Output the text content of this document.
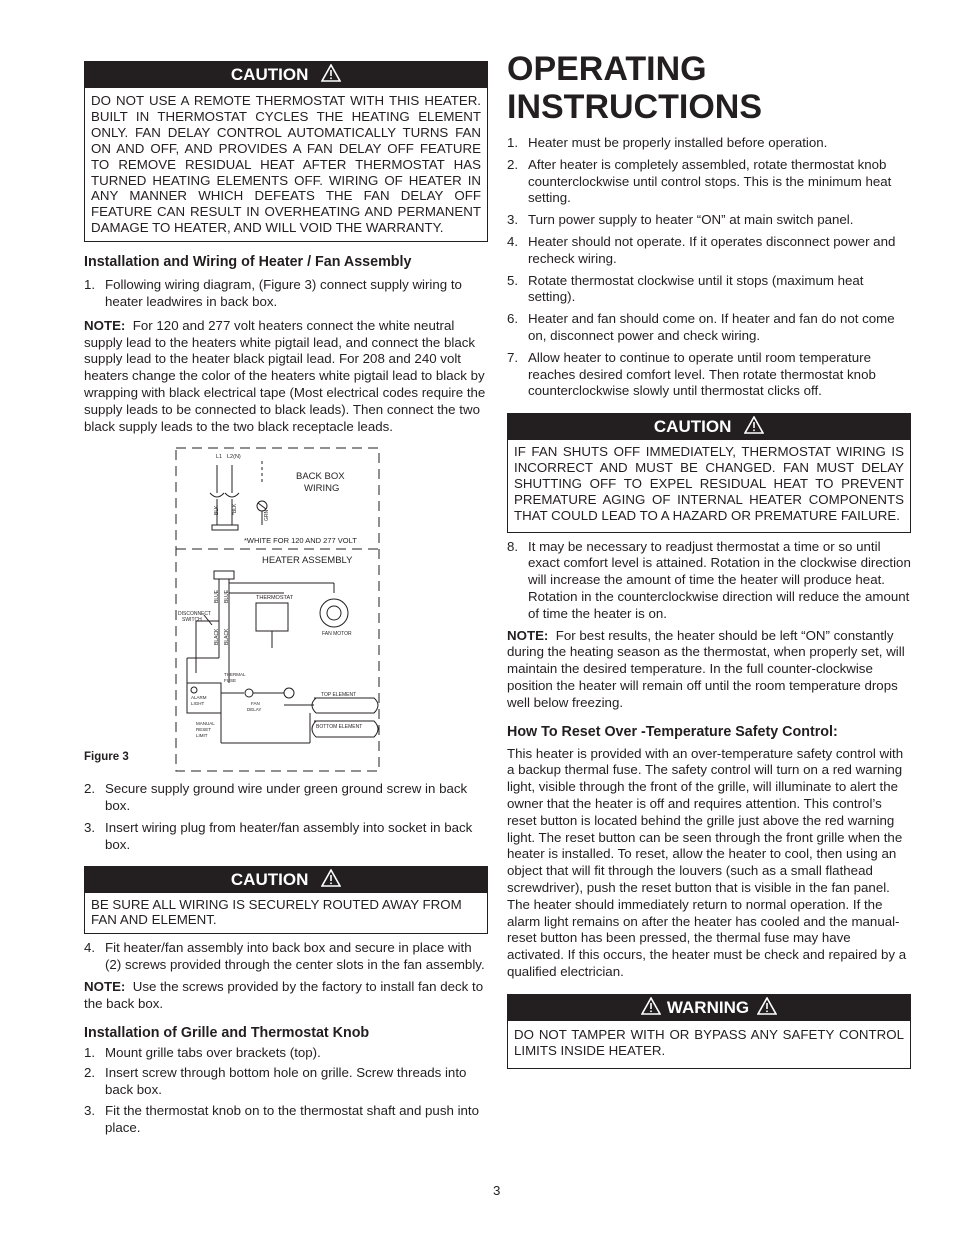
CAUTION
DO NOT USE A REMOTE THERMOSTAT WITH THIS HEATER. BUILT IN THERMOSTAT CYCLES THE HEATING ELEMENT ONLY. FAN DELAY CONTROL AUTOMATICALLY TURNS FAN ON AND OFF, AND PROVIDES A FAN DELAY OFF FEATURE TO REMOVE RESIDUAL HEAT AFTER THERMOSTAT HAS TURNED HEATING ELEMENTS OFF. WIRING OF HEATER IN ANY MANNER WHICH DEFEATS THE FAN DELAY OFF FEATURE CAN RESULT IN OVERHEATING AND PERMANENT DAMAGE TO HEATER, AND WILL VOID THE WARRANTY.
Installation and Wiring of Heater / Fan Assembly
1. Following wiring diagram, (Figure 3) connect supply wiring to heater leadwires in back box.

NOTE: For 120 and 277 volt heaters connect the white neutral supply lead to the heaters white pigtail lead, and connect the black supply lead to the heater black pigtail lead. For 208 and 240 volt heaters change the color of the heaters white pigtail lead to black by wrapping with black electrical tape (Most electrical codes require the supply leads to be connected to black leads). Then connect the two black supply leads to the two black receptacle leads.

Figure 3
L1 L2(N)
BACK BOX
WIRING
BLK *BLK
GRN
*WHITE FOR 120 AND 277 VOLT
HEATER ASSEMBLY
BLUE BLUE
BLACK BLACK
THERMOSTAT
DISCONNECT
SWITCH
FAN MOTOR
THERMAL
FUSE
ALARM
LIGHT	FAN
DELAY
TOP ELEMENT
BOTTOM ELEMENT
MANUAL
RESET
LIMIT
2. Secure supply ground wire under green ground screw in back box.
3. Insert wiring plug from heater/fan assembly into socket in back box.
CAUTION
BE SURE ALL WIRING IS SECURELY ROUTED AWAY FROM FAN AND ELEMENT.
4. Fit heater/fan assembly into back box and secure in place with (2) screws provided through the center slots in the fan assembly.

NOTE: Use the screws provided by the factory to install fan deck to the back box.

Installation of Grille and Thermostat Knob
1. Mount grille tabs over brackets (top).
2. Insert screw through bottom hole on grille. Screw threads into back box.
3. Fit the thermostat knob on to the thermostat shaft and push into place.
OPERATING
INSTRUCTIONS
1. Heater must be properly installed before operation.
2. After heater is completely assembled, rotate thermostat knob counterclockwise until control stops. This is the minimum heat setting.
3. Turn power supply to heater “ON” at main switch panel.
4. Heater should not operate. If it operates disconnect power and recheck wiring.
5. Rotate thermostat clockwise until it stops (maximum heat setting).
6. Heater and fan should come on. If heater and fan do not come on, disconnect power and check wiring.
7. Allow heater to continue to operate until room temperature reaches desired comfort level. Then rotate thermostat knob counterclockwise slowly until thermostat clicks off.
CAUTION
IF FAN SHUTS OFF IMMEDIATELY, THERMOSTAT WIRING IS INCORRECT AND MUST BE CHANGED. FAN MUST DELAY SHUTTING OFF TO EXPEL RESIDUAL HEAT TO PREVENT PREMATURE AGING OF INTERNAL HEATER COMPONENTS THAT COULD LEAD TO A HAZARD OR PREMATURE FAILURE.
8. It may be necessary to readjust thermostat a time or so until exact comfort level is attained. Rotation in the clockwise direction will increase the amount of time the heater will produce heat. Rotation in the counterclockwise direction will reduce the amount of time the heater is on.

NOTE: For best results, the heater should be left “ON” constantly during the heating season as the thermostat, when properly set, will maintain the desired temperature. In the full counter-clockwise position the heater will remain off until the room temperature drops well below freezing.

How To Reset Over -Temperature Safety Control:

This heater is provided with an over-temperature safety control with a backup thermal fuse. The safety control will turn on a red warning light, visible through the front of the grille, will illuminate to alert the owner that the heater is off and requires attention. This control’s reset button is located behind the grille just above the red warning light. The reset button can be seen through the front grille when the heater is installed. To reset, allow the heater to cool, then using an object that will fit through the louvers (such as a small flathead screwdriver), push the reset button that is visible in the fan panel. The heater should immediately return to normal operation. If the alarm light remains on after the heater has cooled and the manual-reset button has been pressed, the thermal fuse may have activated. If this occurs, the heater must be check and repaired by a qualified electrician.

WARNING
DO NOT TAMPER WITH OR BYPASS ANY SAFETY CONTROL LIMITS INSIDE HEATER.
3
